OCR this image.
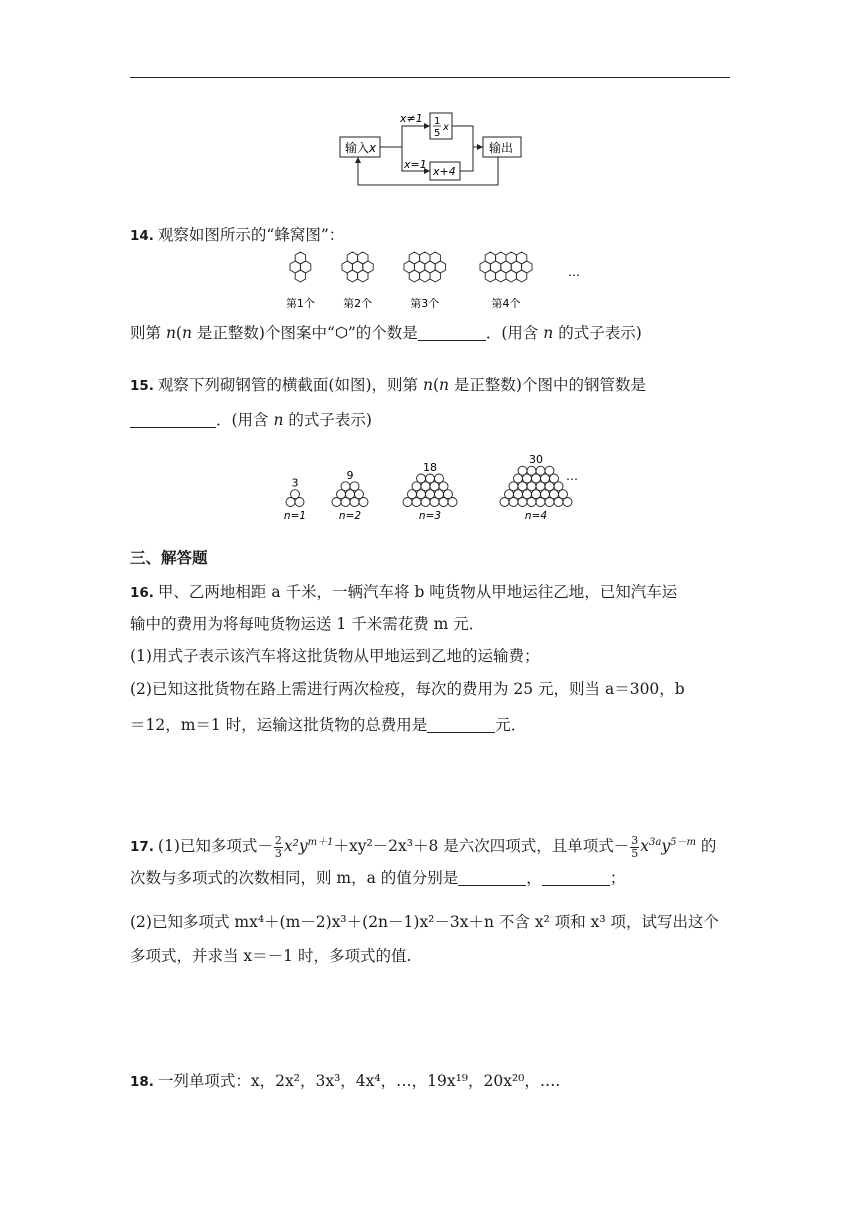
输入x
x≠1 1
5
x
x=1
x+4
输出
14. 观察如图所示的“蜂窝图”：
第1个	第2个	第3个	第4个
…
则第 n(n 是正整数)个图案中“ ”的个数是	．(用含 n 的式子表示)
15. 观察下列砌钢管的横截面(如图)，则第 n(n 是正整数)个图中的钢管数是
．(用含 n 的式子表示)
3
n=1
9
n=2
18
n=3
30
n=4
…
三、解答题
16. 甲、乙两地相距 a 千米，一辆汽车将 b 吨货物从甲地运往乙地，已知汽车运
输中的费用为将每吨货物运送 1 千米需花费 m 元．
(1)用式子表示该汽车将这批货物从甲地运到乙地的运输费；
(2)已知这批货物在路上需进行两次检疫，每次的费用为 25 元，则当 a＝300，b
＝12，m＝1 时，运输这批货物的总费用是	元．
17. (1)已知多项式－ $\frac{2}{3} x^2y^{m+1}+xy^2-2x^3+8$ 是六次四项式，且单项式－ $\frac{3}{5} x^{3a}y^{5-m}$ 的
次数与多项式的次数相同，则 m，a 的值分别是	，	；
(2)已知多项式 mx⁴＋(m－2)x³＋(2n－1)x²－3x＋n 不含 x² 项和 x³ 项，试写出这个
多项式，并求当 x＝－1 时，多项式的值.
18. 一列单项式：x，2x²，3x³，4x⁴，…，19x¹⁹，20x²⁰，….
